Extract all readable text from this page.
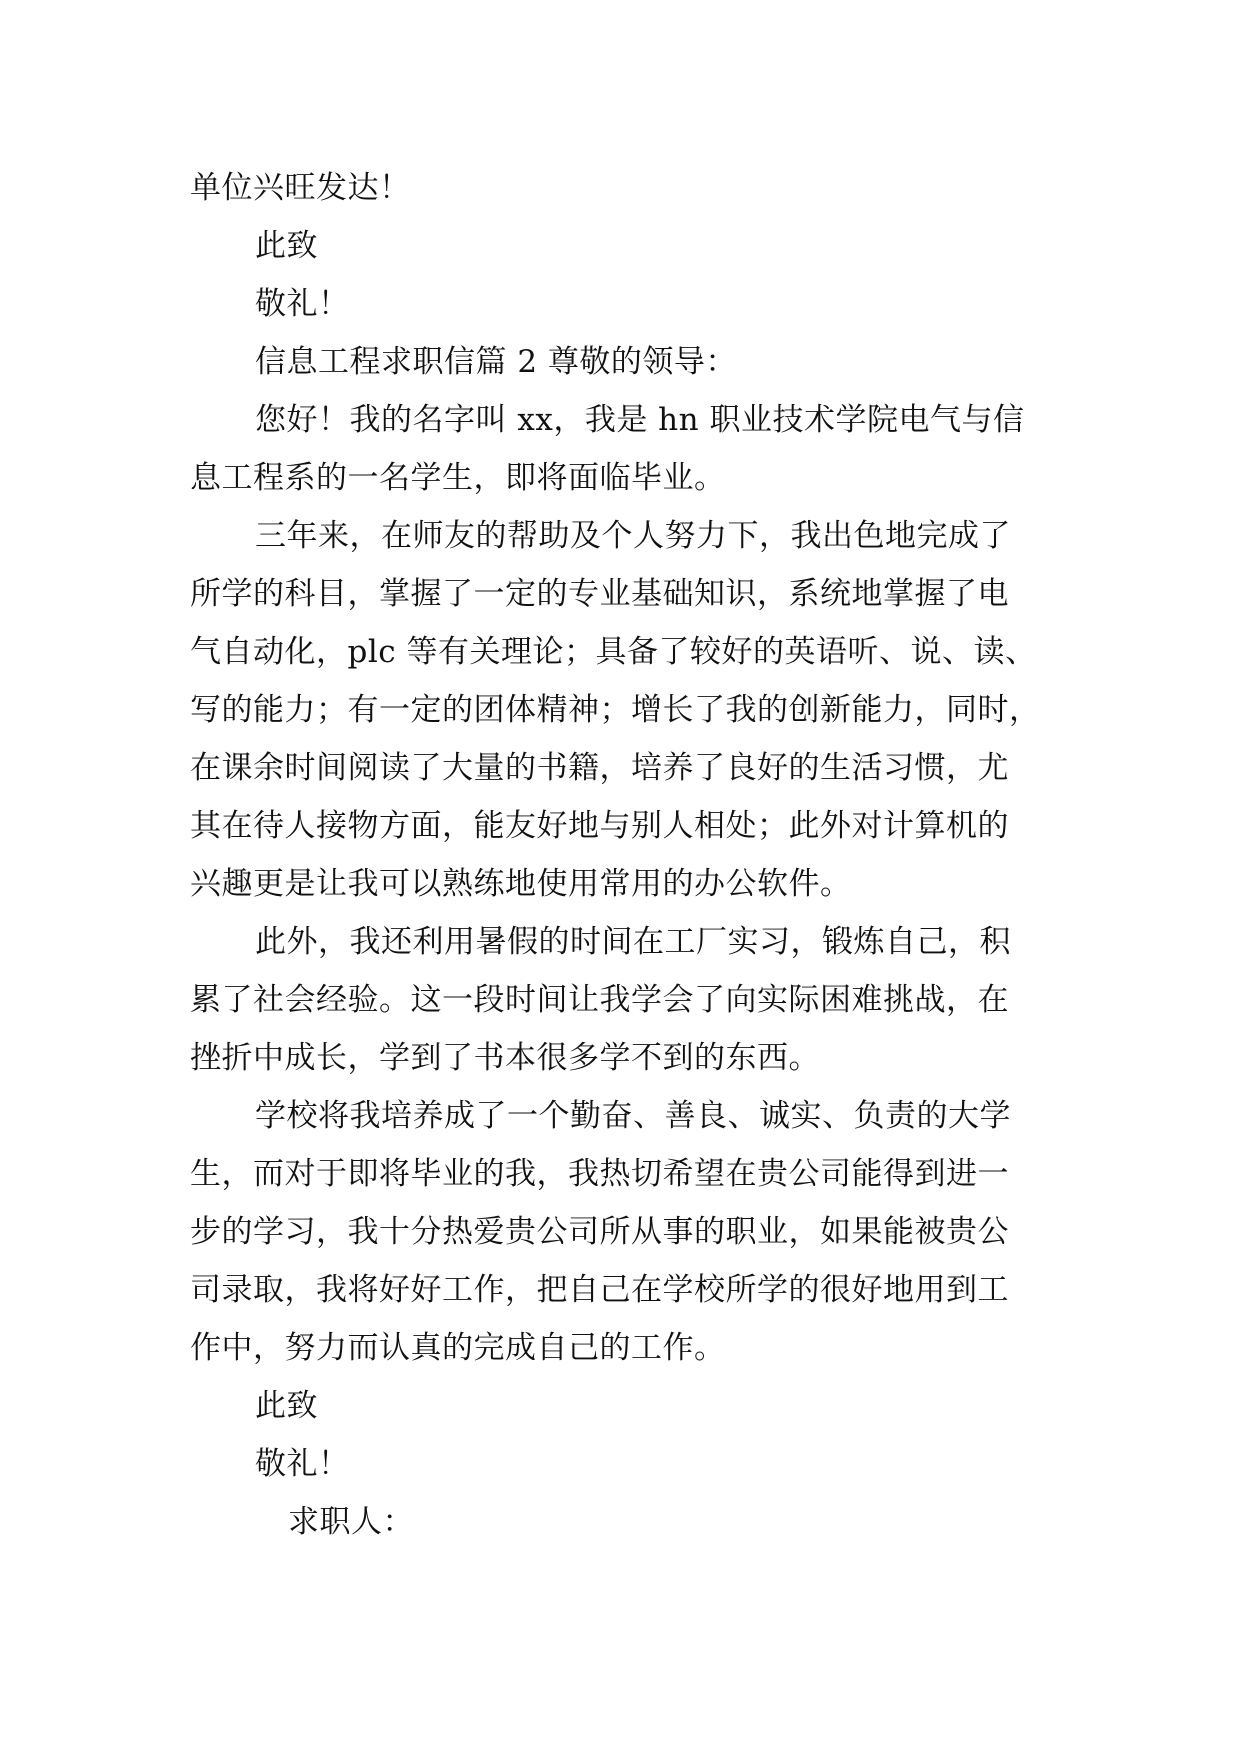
单位兴旺发达！
此致
敬礼！
信息工程求职信篇 2 尊敬的领导：
您好！我的名字叫 xx，我是 hn 职业技术学院电气与信
息工程系的一名学生，即将面临毕业。
三年来，在师友的帮助及个人努力下，我出色地完成了
所学的科目，掌握了一定的专业基础知识，系统地掌握了电
气自动化，plc 等有关理论；具备了较好的英语听、说、读、
写的能力；有一定的团体精神；增长了我的创新能力，同时，
在课余时间阅读了大量的书籍，培养了良好的生活习惯，尤
其在待人接物方面，能友好地与别人相处；此外对计算机的
兴趣更是让我可以熟练地使用常用的办公软件。
此外，我还利用暑假的时间在工厂实习，锻炼自己，积
累了社会经验。这一段时间让我学会了向实际困难挑战，在
挫折中成长，学到了书本很多学不到的东西。
学校将我培养成了一个勤奋、善良、诚实、负责的大学
生，而对于即将毕业的我，我热切希望在贵公司能得到进一
步的学习，我十分热爱贵公司所从事的职业，如果能被贵公
司录取，我将好好工作，把自己在学校所学的很好地用到工
作中，努力而认真的完成自己的工作。
此致
敬礼！
求职人：
